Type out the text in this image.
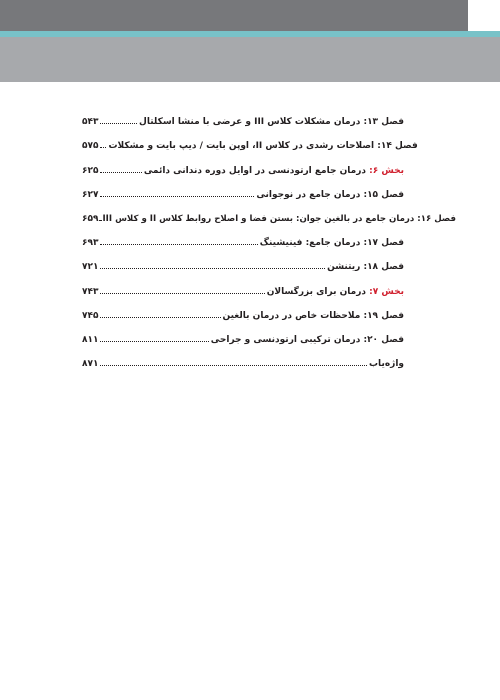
۵۴۳	فصل ۱۳: درمان مشکلات کلاس III و عرضی با منشا اسکلتال
۵۷۵ فصل ۱۴: اصلاحات رشدی در کلاس II، اوپن بایت / دیپ بایت و مشکلات
۶۲۵	بخش ۶: درمان جامع ارتودنسی در اوایل دوره دندانی دائمی
۶۲۷	فصل ۱۵: درمان جامع در نوجوانی
۶۵۹ فصل ۱۶: درمان جامع در بالغین جوان: بستن فضا و اصلاح روابط کلاس II و کلاس III
۶۹۳	فصل ۱۷: درمان جامع: فینیشینگ
۷۲۱	فصل ۱۸: ریتنشن
۷۴۳	بخش ۷: درمان برای بزرگسالان
۷۴۵	فصل ۱۹: ملاحظات خاص در درمان بالغین
۸۱۱	فصل ۲۰: درمان ترکیبی ارتودنسی و جراحی
۸۷۱	واژه‌یاب
